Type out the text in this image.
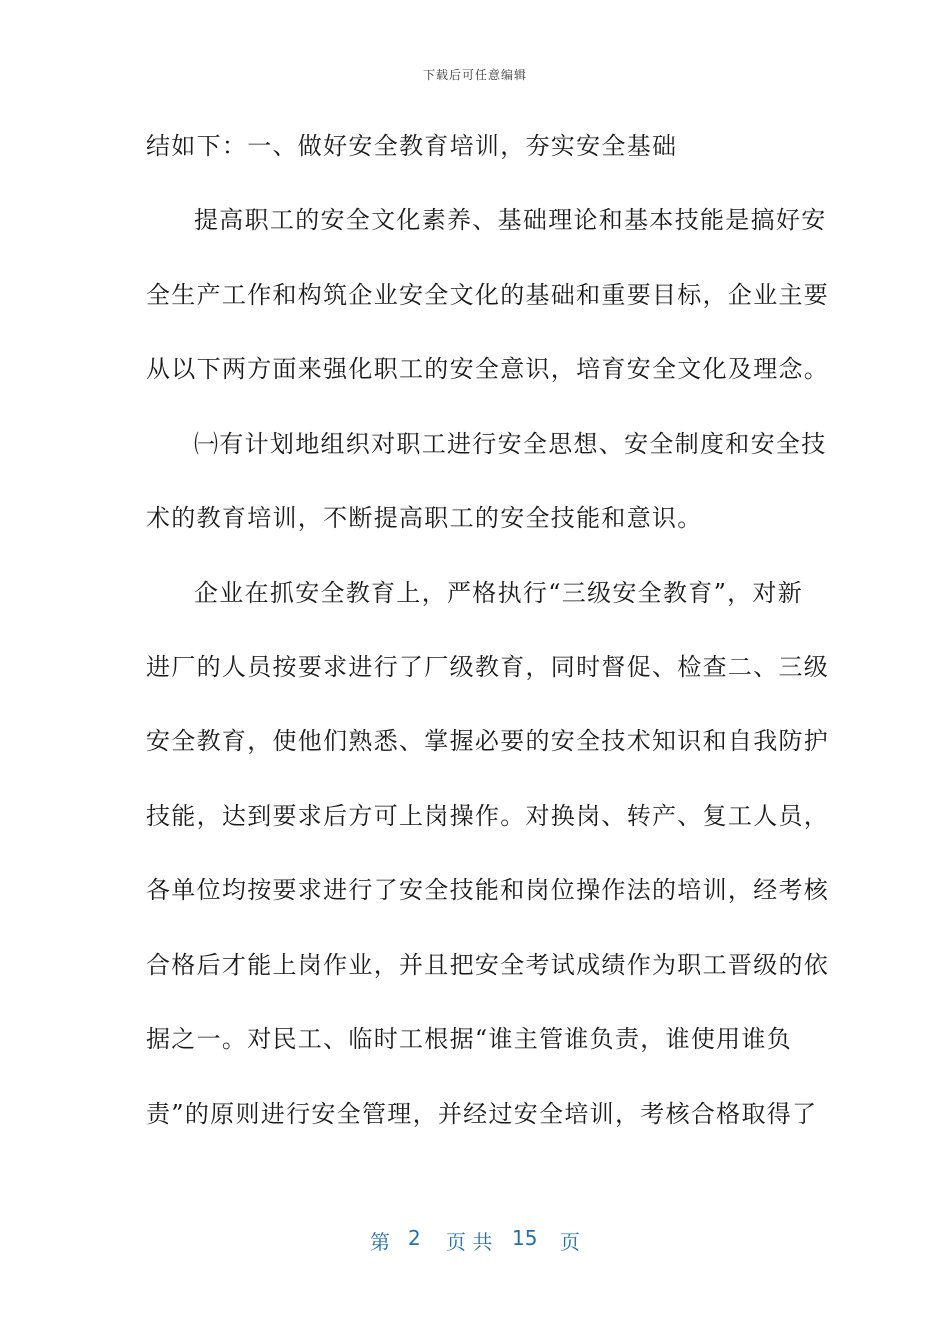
下载后可任意编辑
结如下：一、做好安全教育培训，夯实安全基础
提高职工的安全文化素养、基础理论和基本技能是搞好安
全生产工作和构筑企业安全文化的基础和重要目标，企业主要
从以下两方面来强化职工的安全意识，培育安全文化及理念。
㈠有计划地组织对职工进行安全思想、安全制度和安全技
术的教育培训，不断提高职工的安全技能和意识。
企业在抓安全教育上，严格执行“三级安全教育”，对新
进厂的人员按要求进行了厂级教育，同时督促、检查二、三级
安全教育，使他们熟悉、掌握必要的安全技术知识和自我防护
技能，达到要求后方可上岗操作。对换岗、转产、复工人员，
各单位均按要求进行了安全技能和岗位操作法的培训，经考核
合格后才能上岗作业，并且把安全考试成绩作为职工晋级的依
据之一。对民工、临时工根据“谁主管谁负责，谁使用谁负
责”的原则进行安全管理，并经过安全培训，考核合格取得了
第 2 页 共 15 页
